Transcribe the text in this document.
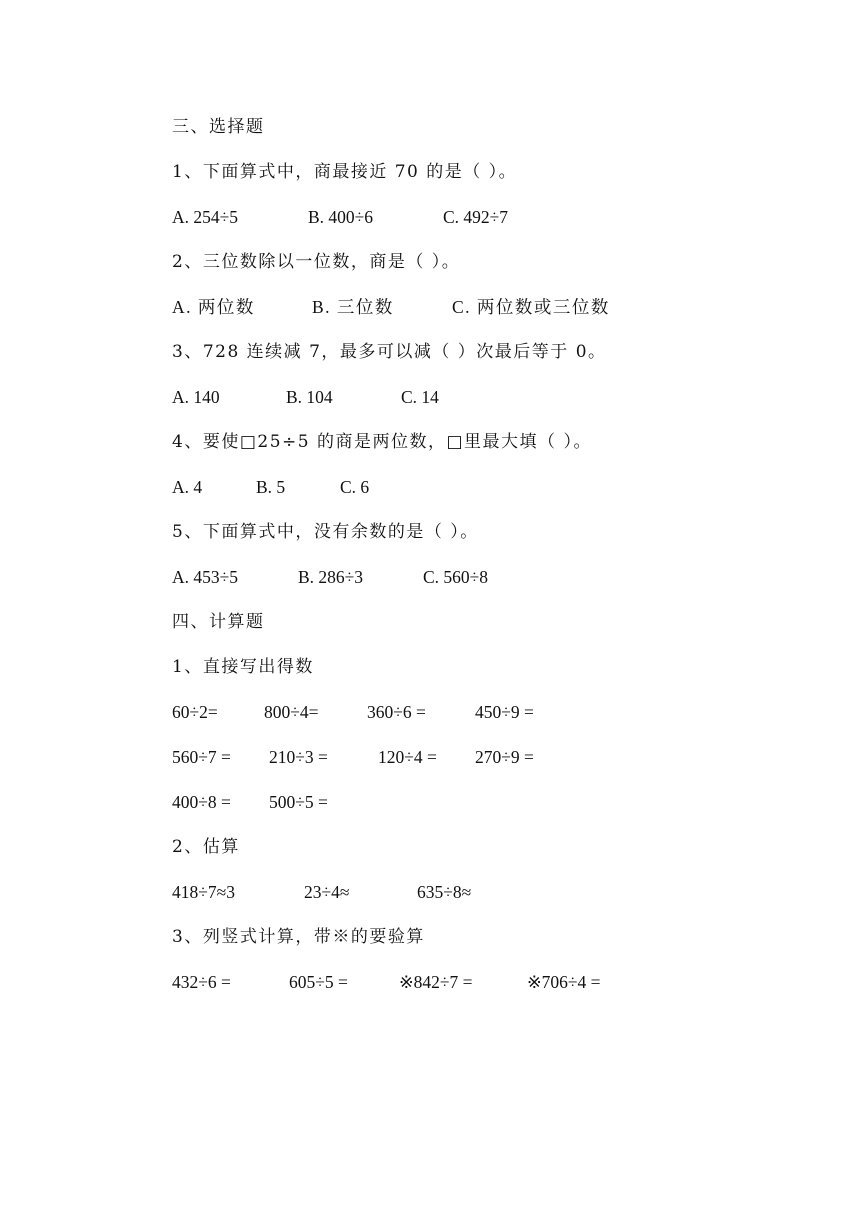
三、选择题
1、下面算式中，商最接近 70 的是（ ）。
A. 254÷5	B. 400÷6	C. 492÷7
2、三位数除以一位数，商是（ ）。
A. 两位数	B. 三位数	C. 两位数或三位数
3、728 连续减 7，最多可以减（ ）次最后等于 0。
A. 140	B. 104	C. 14
4、要使□25÷5 的商是两位数，□里最大填（ ）。
A. 4	B. 5	C. 6
5、下面算式中，没有余数的是（ ）。
A. 453÷5	B. 286÷3	C. 560÷8
四、计算题
1、直接写出得数
60÷2=	800÷4=	360÷6 =	450÷9 =
560÷7 = 210÷3 =	120÷4 = 270÷9 =
400÷8 = 500÷5 =
2、估算
418÷7≈3	23÷4≈	635÷8≈
3、列竖式计算，带※的要验算
432÷6 =	605÷5 =	※842÷7 =	※706÷4 =
